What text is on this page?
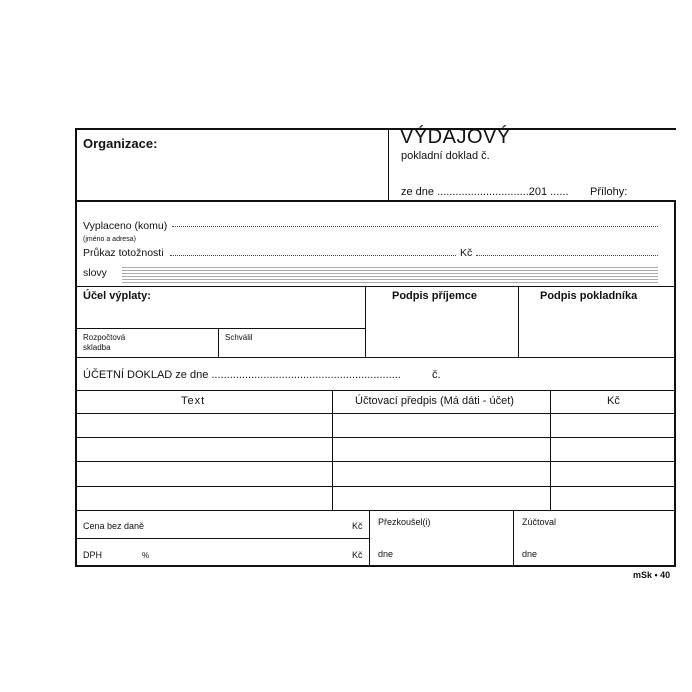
Organizace:	VÝDAJOVÝ
pokladní doklad č.
ze dne ..............................201 ...... Přílohy:
Vyplaceno (komu)
(jméno a adresa)
Průkaz totožnosti	Kč
slovy
Účel výplaty:	Podpis příjemce	Podpis pokladníka
Rozpočtová
skladba
Schválil
ÚČETNÍ DOKLAD ze dne ..............................................................	č.
Text	Účtovací předpis (Má dáti - účet)	Kč
Cena bez daně	Kč
DPH	%	Kč
Přezkoušel(i)
dne
Zúčtoval
dne
mSk • 40
